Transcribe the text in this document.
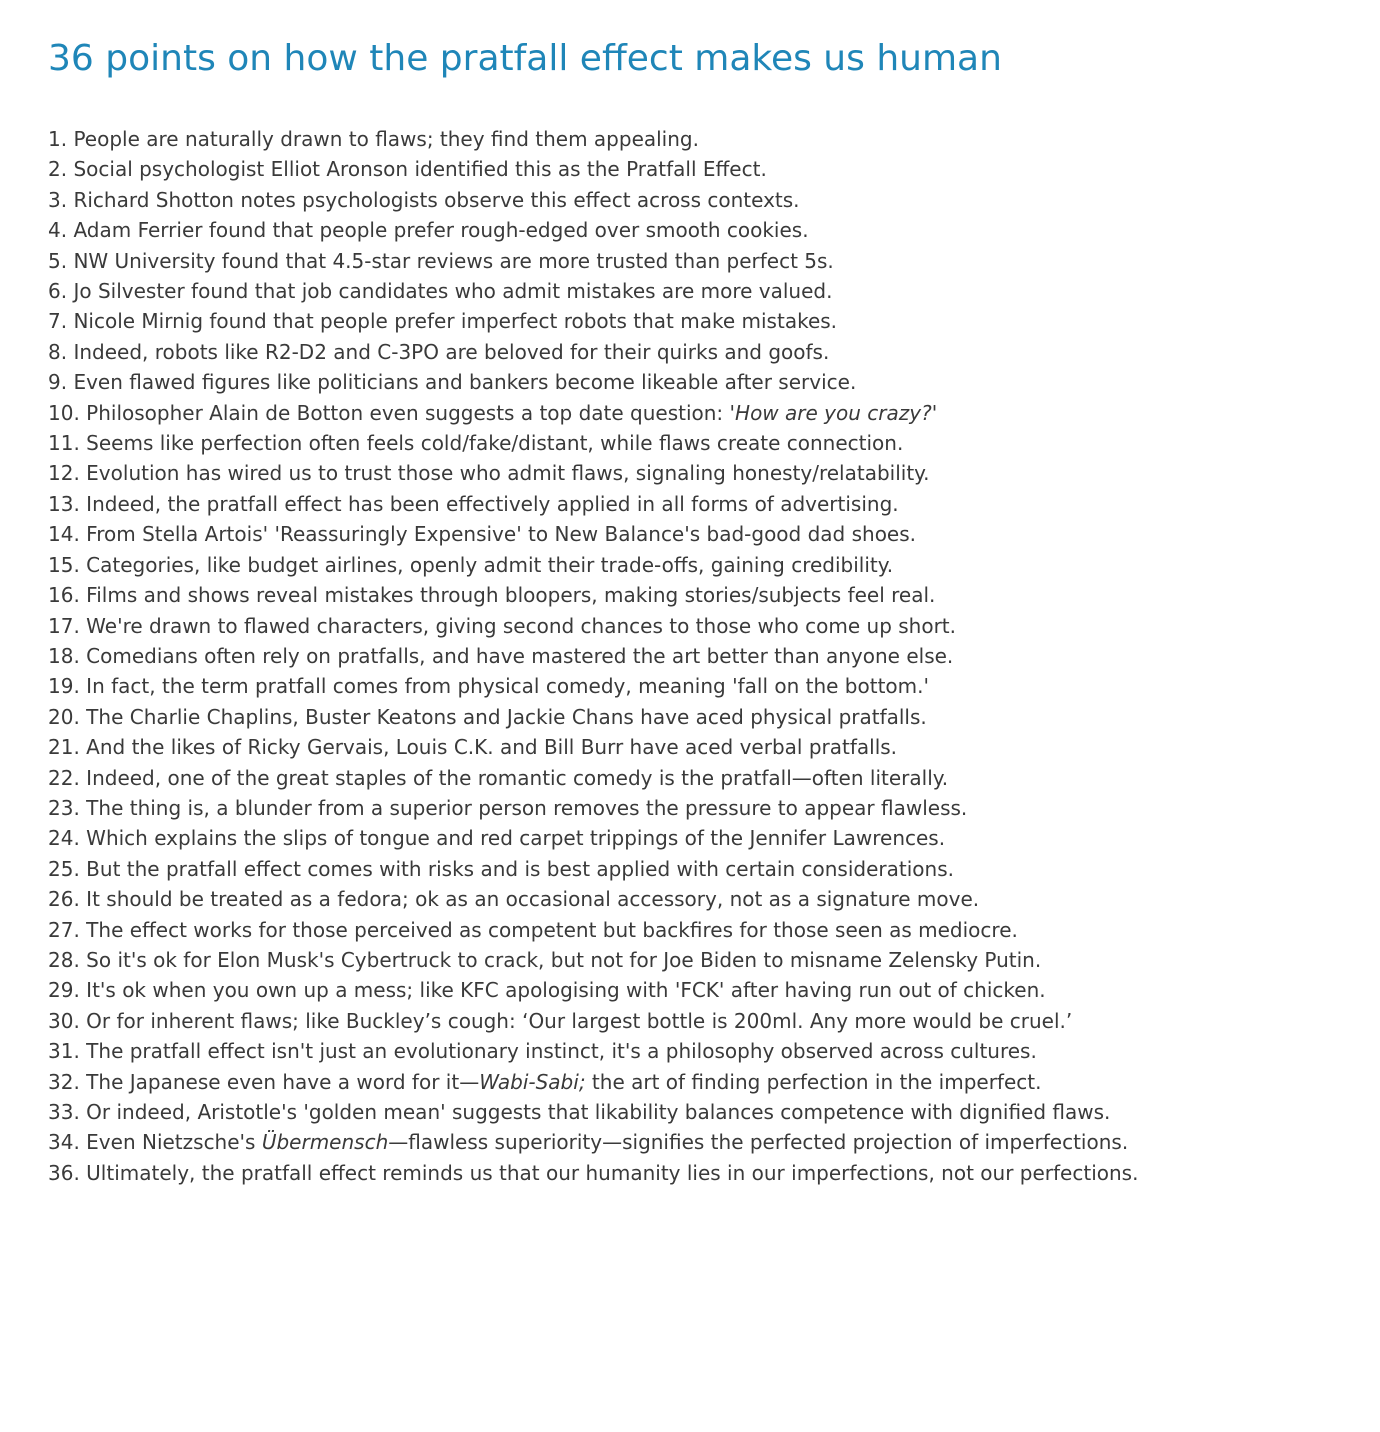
36 points on how the pratfall effect makes us human
1. People are naturally drawn to flaws; they find them appealing.
2. Social psychologist Elliot Aronson identified this as the Pratfall Effect.
3. Richard Shotton notes psychologists observe this effect across contexts.
4. Adam Ferrier found that people prefer rough-edged over smooth cookies.
5. NW University found that 4.5-star reviews are more trusted than perfect 5s.
6. Jo Silvester found that job candidates who admit mistakes are more valued.
7. Nicole Mirnig found that people prefer imperfect robots that make mistakes.
8. Indeed, robots like R2-D2 and C-3PO are beloved for their quirks and goofs.
9. Even flawed figures like politicians and bankers become likeable after service.
10. Philosopher Alain de Botton even suggests a top date question: 'How are you crazy?'
11. Seems like perfection often feels cold/fake/distant, while flaws create connection.
12. Evolution has wired us to trust those who admit flaws, signaling honesty/relatability.
13. Indeed, the pratfall effect has been effectively applied in all forms of advertising.
14. From Stella Artois' 'Reassuringly Expensive' to New Balance's bad-good dad shoes.
15. Categories, like budget airlines, openly admit their trade-offs, gaining credibility.
16. Films and shows reveal mistakes through bloopers, making stories/subjects feel real.
17. We're drawn to flawed characters, giving second chances to those who come up short.
18. Comedians often rely on pratfalls, and have mastered the art better than anyone else.
19. In fact, the term pratfall comes from physical comedy, meaning 'fall on the bottom.'
20. The Charlie Chaplins, Buster Keatons and Jackie Chans have aced physical pratfalls.
21. And the likes of Ricky Gervais, Louis C.K. and Bill Burr have aced verbal pratfalls.
22. Indeed, one of the great staples of the romantic comedy is the pratfall—often literally.
23. The thing is, a blunder from a superior person removes the pressure to appear flawless.
24. Which explains the slips of tongue and red carpet trippings of the Jennifer Lawrences.
25. But the pratfall effect comes with risks and is best applied with certain considerations.
26. It should be treated as a fedora; ok as an occasional accessory, not as a signature move.
27. The effect works for those perceived as competent but backfires for those seen as mediocre.
28. So it's ok for Elon Musk's Cybertruck to crack, but not for Joe Biden to misname Zelensky Putin.
29. It's ok when you own up a mess; like KFC apologising with 'FCK' after having run out of chicken.
30. Or for inherent flaws; like Buckley’s cough: ‘Our largest bottle is 200ml. Any more would be cruel.’
31. The pratfall effect isn't just an evolutionary instinct, it's a philosophy observed across cultures.
32. The Japanese even have a word for it—Wabi-Sabi; the art of finding perfection in the imperfect.
33. Or indeed, Aristotle's 'golden mean' suggests that likability balances competence with dignified flaws.
34. Even Nietzsche's Übermensch—flawless superiority—signifies the perfected projection of imperfections.
36. Ultimately, the pratfall effect reminds us that our humanity lies in our imperfections, not our perfections.
